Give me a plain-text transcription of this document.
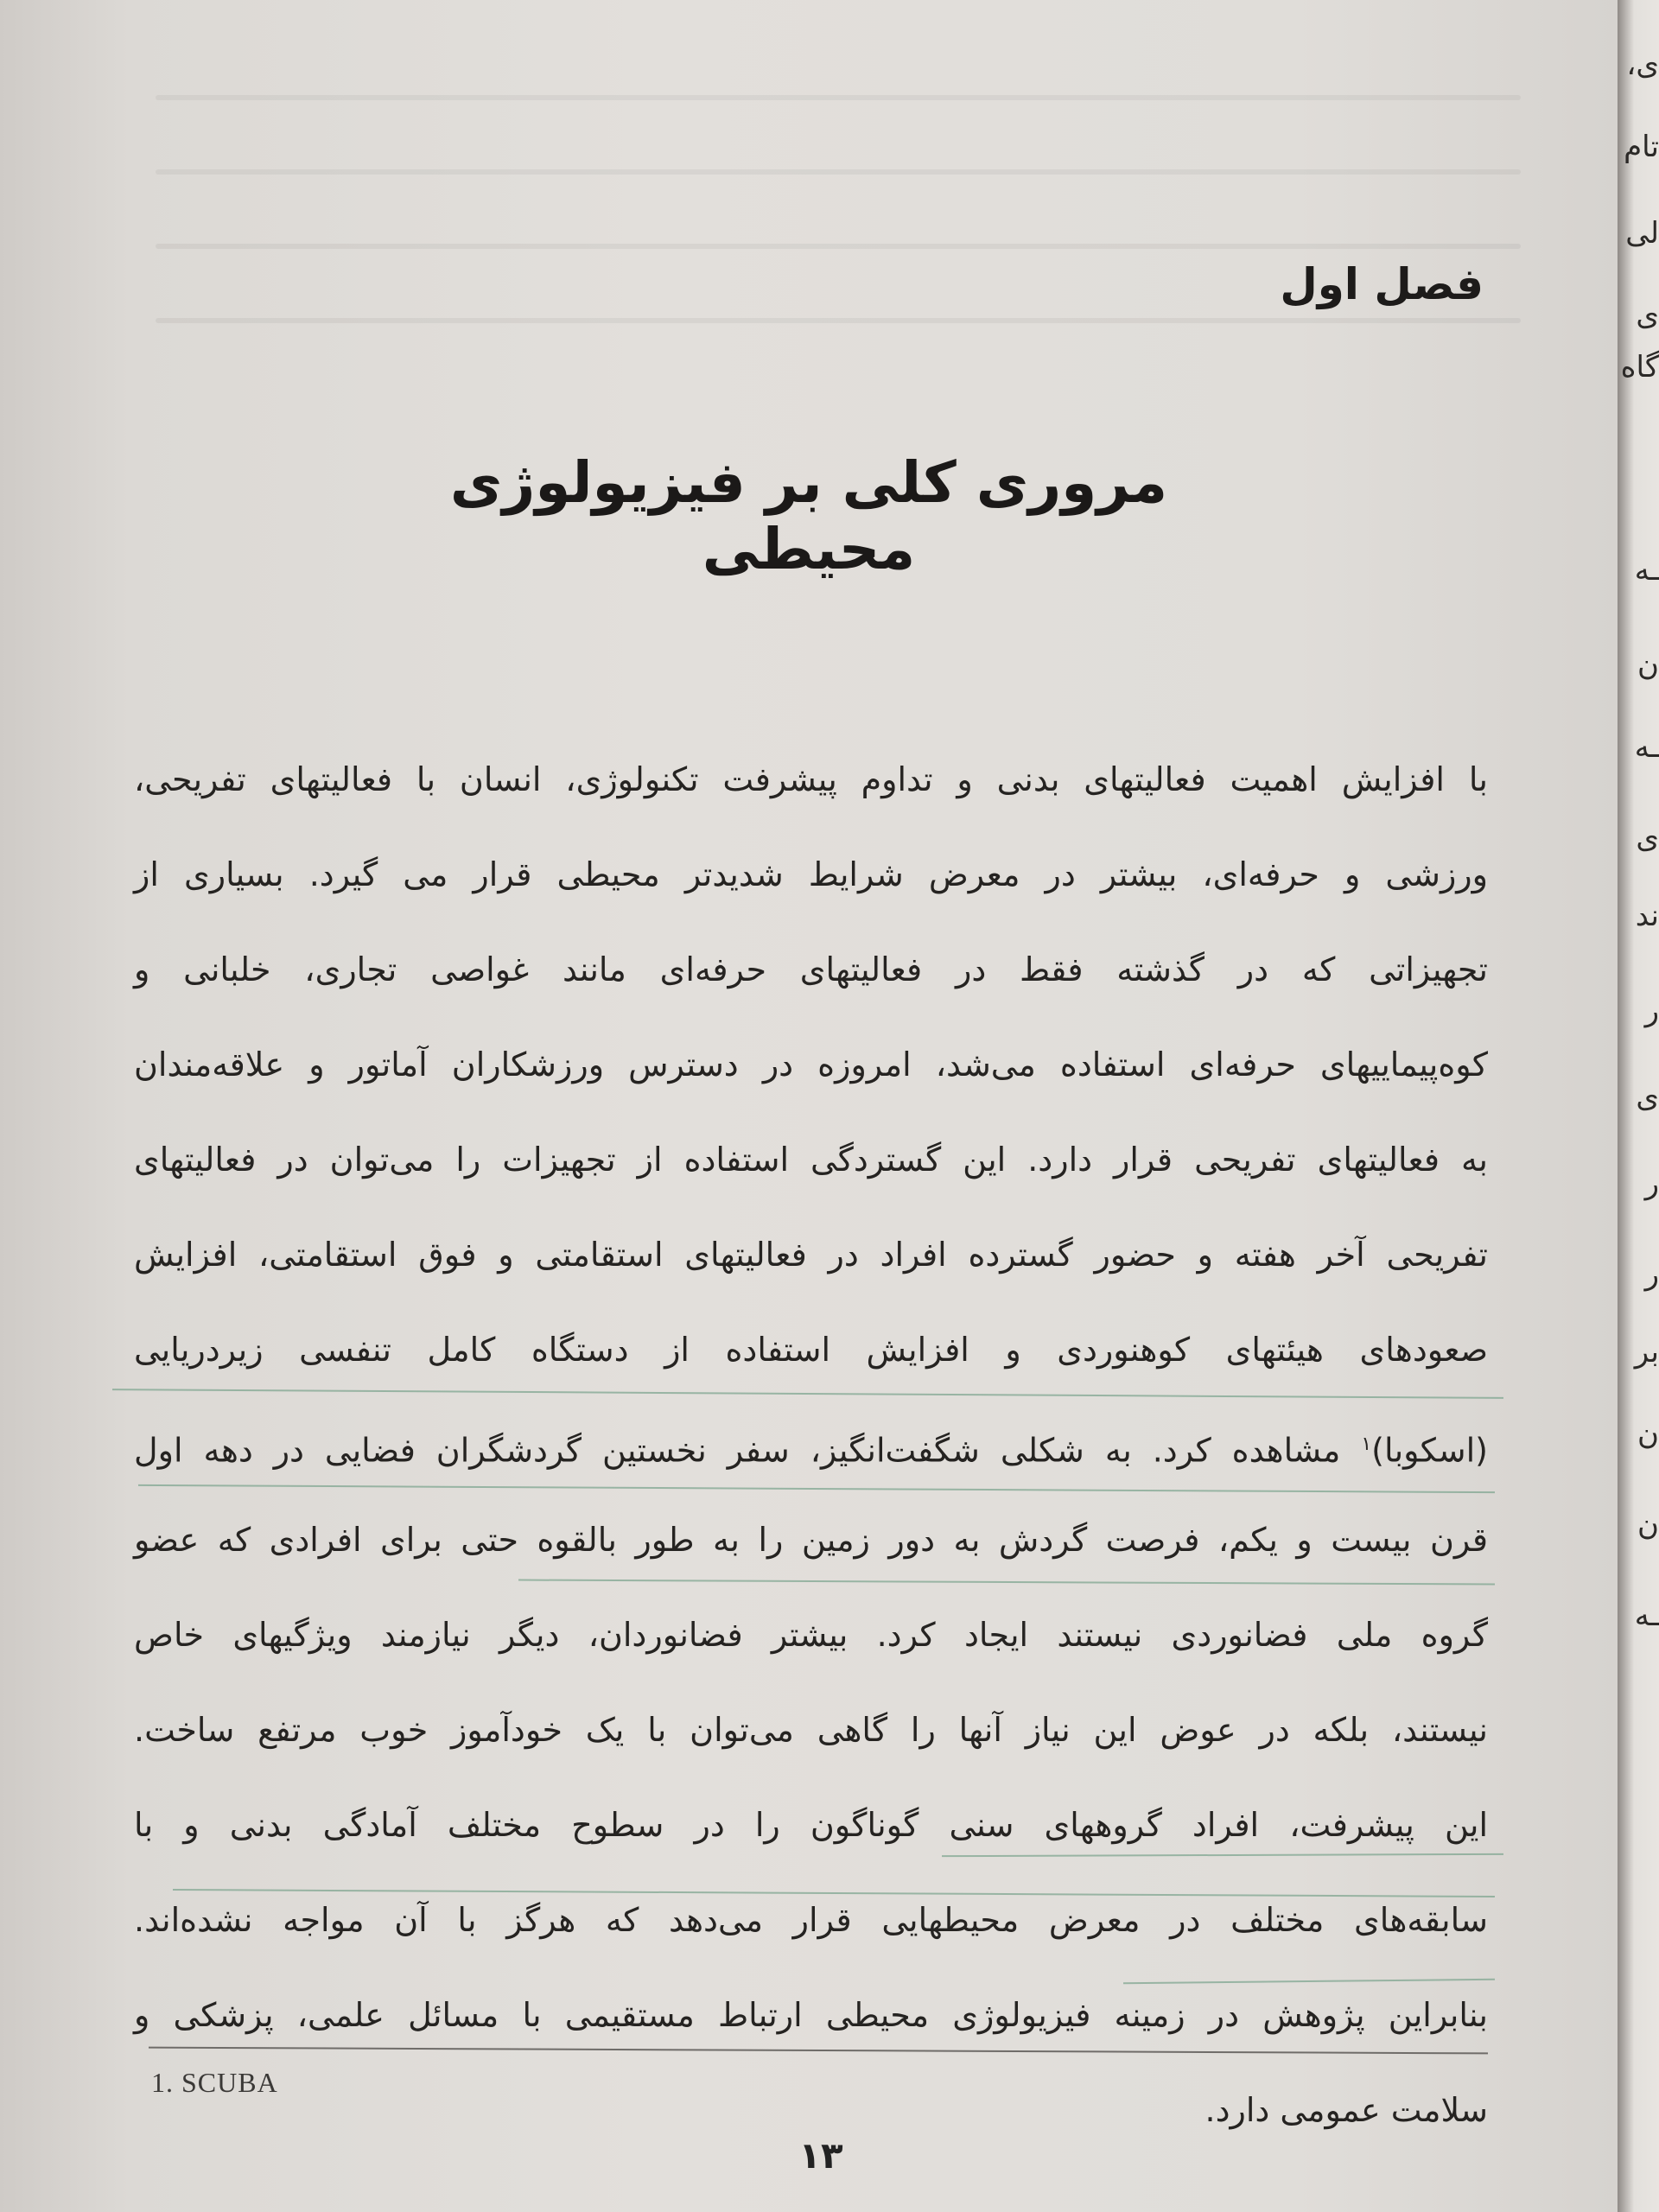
فصل اول
مروری کلی بر فیزیولوژی محیطی
با افزایش اهمیت فعالیتهای بدنی و تداوم پیشرفت تکنولوژی، انسان با فعالیتهای تفریحی،
ورزشی و حرفه‌ای، بیشتر در معرض شرایط شدیدتر محیطی قرار می گیرد. بسیاری از
تجهیزاتی که در گذشته فقط در فعالیتهای حرفه‌ای مانند غواصی تجاری، خلبانی و
کوه‌پیماییهای حرفه‌ای استفاده می‌شد، امروزه در دسترس ورزشکاران آماتور و علاقه‌مندان
به فعالیتهای تفریحی قرار دارد. این گستردگی استفاده از تجهیزات را می‌توان در فعالیتهای
تفریحی آخر هفته و حضور گسترده افراد در فعالیتهای استقامتی و فوق استقامتی، افزایش
صعودهای هیئتهای کوهنوردی و افزایش استفاده از دستگاه کامل تنفسی زیردریایی
(اسکوبا)$^۱$ مشاهده کرد. به شکلی شگفت‌انگیز، سفر نخستین گردشگران فضایی در دهه اول
قرن بیست و یکم، فرصت گردش به دور زمین را به طور بالقوه حتی برای افرادی که عضو
گروه ملی فضانوردی نیستند ایجاد کرد. بیشتر فضانوردان، دیگر نیازمند ویژگیهای خاص
نیستند، بلکه در عوض این نیاز آنها را گاهی می‌توان با یک خودآموز خوب مرتفع ساخت.
این پیشرفت، افراد گروههای سنی گوناگون را در سطوح مختلف آمادگی بدنی و با
سابقه‌های مختلف در معرض محیطهایی قرار می‌دهد که هرگز با آن مواجه نشده‌اند.
بنابراین پژوهش در زمینه فیزیولوژی محیطی ارتباط مستقیمی با مسائل علمی، پزشکی و
سلامت عمومی دارد.
1. SCUBA
۱۳
ی،
تام
لی
ی
گاه
ـه
ن
ـه
ی
ند
ر
ی
ر
ر
بر
ن
ن
ـه
